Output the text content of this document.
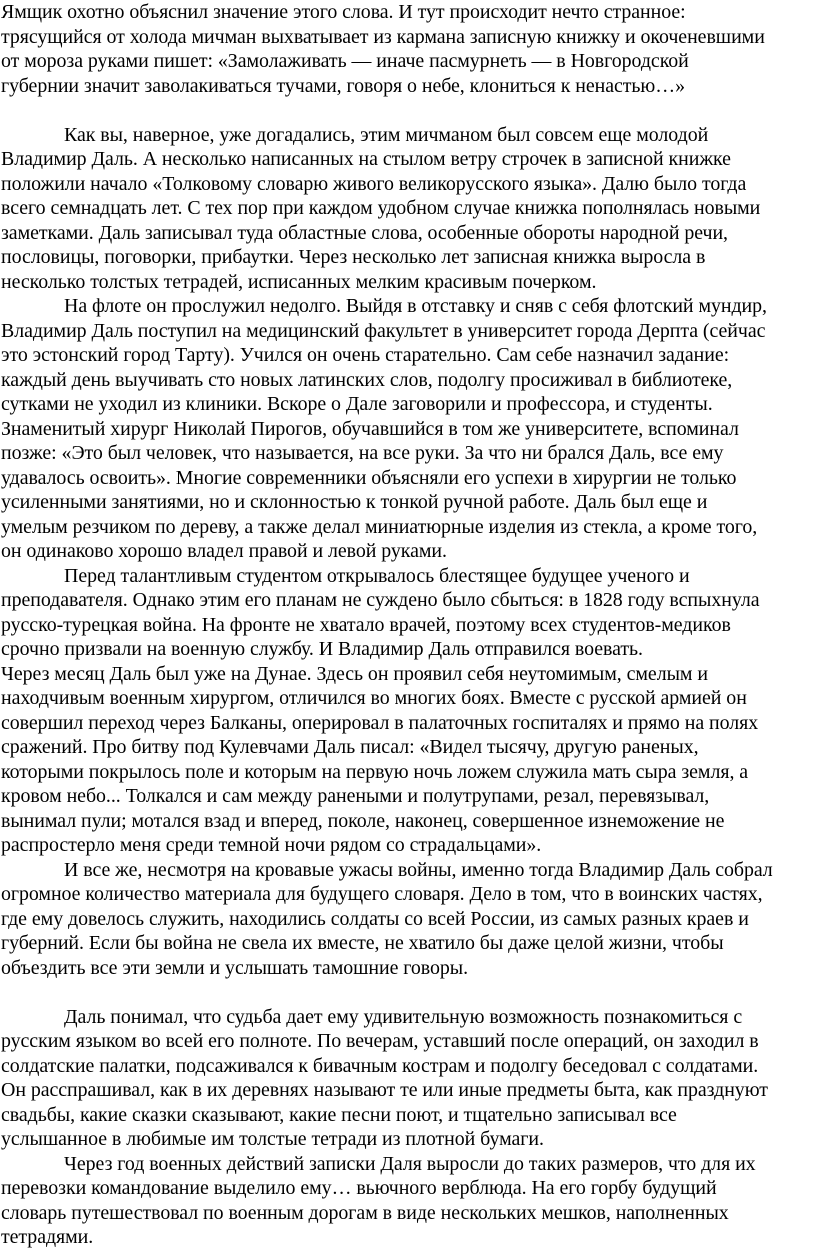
Ямщик охотно объяснил значение этого слова. И тут происходит нечто странное:
трясущийся от холода мичман выхватывает из кармана записную книжку и окоченевшими
от мороза руками пишет: «Замолаживать — иначе пасмурнеть — в Новгородской
губернии значит заволакиваться тучами, говоря о небе, клониться к ненастью…»
Как вы, наверное, уже догадались, этим мичманом был совсем еще молодой
Владимир Даль. А несколько написанных на стылом ветру строчек в записной книжке
положили начало «Толковому словарю живого великорусского языка». Далю было тогда
всего семнадцать лет. С тех пор при каждом удобном случае книжка пополнялась новыми
заметками. Даль записывал туда областные слова, особенные обороты народной речи,
пословицы, поговорки, прибаутки. Через несколько лет записная книжка выросла в
несколько толстых тетрадей, исписанных мелким красивым почерком.
На флоте он прослужил недолго. Выйдя в отставку и сняв с себя флотский мундир,
Владимир Даль поступил на медицинский факультет в университет города Дерпта (сейчас
это эстонский город Тарту). Учился он очень старательно. Сам себе назначил задание:
каждый день выучивать сто новых латинских слов, подолгу просиживал в библиотеке,
сутками не уходил из клиники. Вскоре о Дале заговорили и профессора, и студенты.
Знаменитый хирург Николай Пирогов, обучавшийся в том же университете, вспоминал
позже: «Это был человек, что называется, на все руки. За что ни брался Даль, все ему
удавалось освоить». Многие современники объясняли его успехи в хирургии не только
усиленными занятиями, но и склонностью к тонкой ручной работе. Даль был еще и
умелым резчиком по дереву, а также делал миниатюрные изделия из стекла, а кроме того,
он одинаково хорошо владел правой и левой руками.
Перед талантливым студентом открывалось блестящее будущее ученого и
преподавателя. Однако этим его планам не суждено было сбыться: в 1828 году вспыхнула
русско-турецкая война. На фронте не хватало врачей, поэтому всех студентов-медиков
срочно призвали на военную службу. И Владимир Даль отправился воевать.
Через месяц Даль был уже на Дунае. Здесь он проявил себя неутомимым, смелым и
находчивым военным хирургом, отличился во многих боях. Вместе с русской армией он
совершил переход через Балканы, оперировал в палаточных госпиталях и прямо на полях
сражений. Про битву под Кулевчами Даль писал: «Видел тысячу, другую раненых,
которыми покрылось поле и которым на первую ночь ложем служила мать сыра земля, а
кровом небо... Толкался и сам между ранеными и полутрупами, резал, перевязывал,
вынимал пули; мотался взад и вперед, поколе, наконец, совершенное изнеможение не
распростерло меня среди темной ночи рядом со страдальцами».
И все же, несмотря на кровавые ужасы войны, именно тогда Владимир Даль собрал
огромное количество материала для будущего словаря. Дело в том, что в воинских частях,
где ему довелось служить, находились солдаты со всей России, из самых разных краев и
губерний. Если бы война не свела их вместе, не хватило бы даже целой жизни, чтобы
объездить все эти земли и услышать тамошние говоры.
Даль понимал, что судьба дает ему удивительную возможность познакомиться с
русским языком во всей его полноте. По вечерам, уставший после операций, он заходил в
солдатские палатки, подсаживался к бивачным кострам и подолгу беседовал с солдатами.
Он расспрашивал, как в их деревнях называют те или иные предметы быта, как празднуют
свадьбы, какие сказки сказывают, какие песни поют, и тщательно записывал все
услышанное в любимые им толстые тетради из плотной бумаги.
Через год военных действий записки Даля выросли до таких размеров, что для их
перевозки командование выделило ему… вьючного верблюда. На его горбу будущий
словарь путешествовал по военным дорогам в виде нескольких мешков, наполненных
тетрадями.
